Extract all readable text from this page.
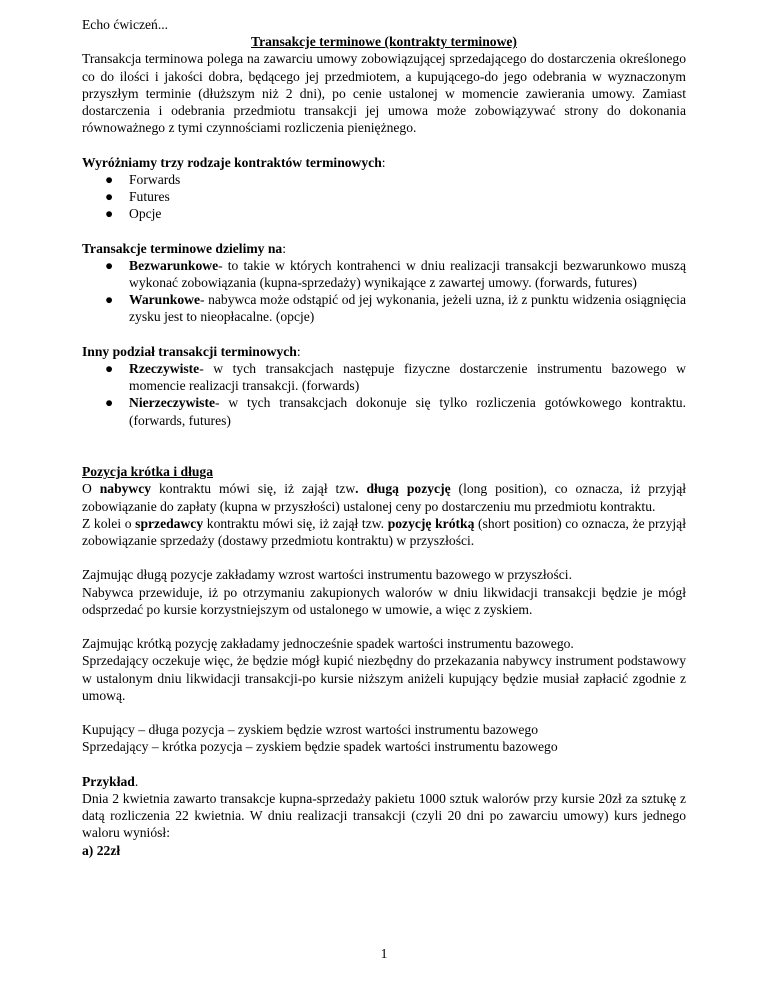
Echo ćwiczeń...

Transakcje terminowe (kontrakty terminowe)

Transakcja terminowa polega na zawarciu umowy zobowiązującej sprzedającego do dostarczenia określonego co do ilości i jakości dobra, będącego jej przedmiotem, a kupującego-do jego odebrania w wyznaczonym przyszłym terminie (dłuższym niż 2 dni), po cenie ustalonej w momencie zawierania umowy. Zamiast dostarczenia i odebrania przedmiotu transakcji jej umowa może zobowiązywać strony do dokonania równoważnego z tymi czynnościami rozliczenia pieniężnego.

Wyróżniamy trzy rodzaje kontraktów terminowych:

● Forwards
● Futures
● Opcje

Transakcje terminowe dzielimy na:

● Bezwarunkowe- to takie w których kontrahenci w dniu realizacji transakcji bezwarunkowo muszą wykonać zobowiązania (kupna-sprzedaży) wynikające z zawartej umowy. (forwards, futures)
● Warunkowe- nabywca może odstąpić od jej wykonania, jeżeli uzna, iż z punktu widzenia osiągnięcia zysku jest to nieopłacalne. (opcje)

Inny podział transakcji terminowych:

● Rzeczywiste- w tych transakcjach następuje fizyczne dostarczenie instrumentu bazowego w momencie realizacji transakcji. (forwards)
● Nierzeczywiste- w tych transakcjach dokonuje się tylko rozliczenia gotówkowego kontraktu. (forwards, futures)

Pozycja krótka i długa

O nabywcy kontraktu mówi się, iż zajął tzw. długą pozycję (long position), co oznacza, iż przyjął zobowiązanie do zapłaty (kupna w przyszłości) ustalonej ceny po dostarczeniu mu przedmiotu kontraktu.

Z kolei o sprzedawcy kontraktu mówi się, iż zajął tzw. pozycję krótką (short position) co oznacza, że przyjął zobowiązanie sprzedaży (dostawy przedmiotu kontraktu) w przyszłości.

Zajmując długą pozycje zakładamy wzrost wartości instrumentu bazowego w przyszłości.

Nabywca przewiduje, iż po otrzymaniu zakupionych walorów w dniu likwidacji transakcji będzie je mógł odsprzedać po kursie korzystniejszym od ustalonego w umowie, a więc z zyskiem.

Zajmując krótką pozycję zakładamy jednocześnie spadek wartości instrumentu bazowego.

Sprzedający oczekuje więc, że będzie mógł kupić niezbędny do przekazania nabywcy instrument podstawowy w ustalonym dniu likwidacji transakcji-po kursie niższym aniżeli kupujący będzie musiał zapłacić zgodnie z umową.

Kupujący – długa pozycja – zyskiem będzie wzrost wartości instrumentu bazowego

Sprzedający – krótka pozycja – zyskiem będzie spadek wartości instrumentu bazowego

Przykład.

Dnia 2 kwietnia zawarto transakcje kupna-sprzedaży pakietu 1000 sztuk walorów przy kursie 20zł za sztukę z datą rozliczenia 22 kwietnia. W dniu realizacji transakcji (czyli 20 dni po zawarciu umowy) kurs jednego waloru wyniósł:

a) 22zł

1
